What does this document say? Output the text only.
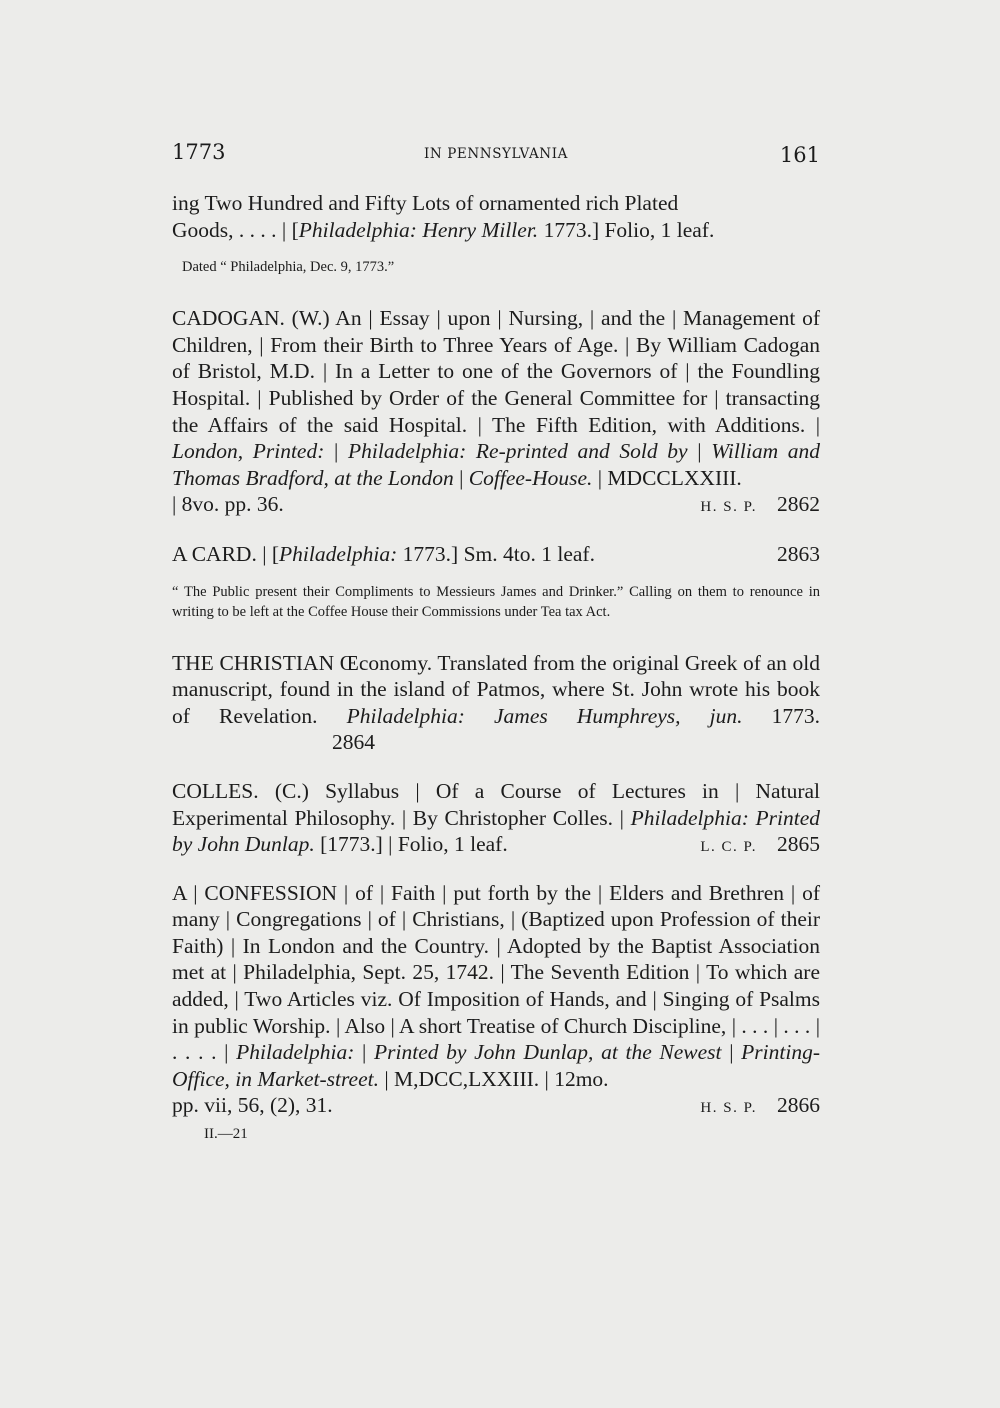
1773	IN PENNSYLVANIA	161

ing Two Hundred and Fifty Lots of ornamented rich Plated
Goods, . . . . | [Philadelphia: Henry Miller. 1773.] Folio, 1 leaf.

Dated “ Philadelphia, Dec. 9, 1773.”

CADOGAN. (W.) An | Essay | upon | Nursing, | and the | Management of Children, | From their Birth to Three Years of Age. | By William Cadogan of Bristol, M.D. | In a Letter to one of the Governors of | the Foundling Hospital. | Published by Order of the General Committee for | transacting the Affairs of the said Hospital. | The Fifth Edition, with Additions. | London, Printed: | Philadelphia: Re-printed and Sold by | William and Thomas Bradford, at the London | Coffee-House. | MDCCLXXIII.

| 8vo. pp. 36.	H. S. P. 2862
A CARD. | [Philadelphia: 1773.] Sm. 4to. 1 leaf.	2863

“ The Public present their Compliments to Messieurs James and Drinker.” Calling on them to renounce in writing to be left at the Coffee House their Commissions under Tea tax Act.

THE CHRISTIAN Œconomy. Translated from the original Greek of an old manuscript, found in the island of Patmos, where St. John wrote his book of Revelation. Philadelphia: James Humphreys, jun. 1773.2864

COLLES. (C.) Syllabus | Of a Course of Lectures in | Natural Experimental Philosophy. | By Christopher Colles. | Philadelphia: Printed by John Dunlap. [1773.] | Folio, 1 leaf.	L. C. P. 2865

A | CONFESSION | of | Faith | put forth by the | Elders and Brethren | of many | Congregations | of | Christians, | (Baptized upon Profession of their Faith) | In London and the Country. | Adopted by the Baptist Association met at | Philadelphia, Sept. 25, 1742. | The Seventh Edition | To which are added, | Two Articles viz. Of Imposition of Hands, and | Singing of Psalms in public Worship. | Also | A short Treatise of Church Discipline, | . . . | . . . | . . . . | Philadelphia: | Printed by John Dunlap, at the Newest | Printing-Office, in Market-street. | M,DCC,LXXIII. | 12mo.

pp. vii, 56, (2), 31.	H. S. P. 2866
II.—21
